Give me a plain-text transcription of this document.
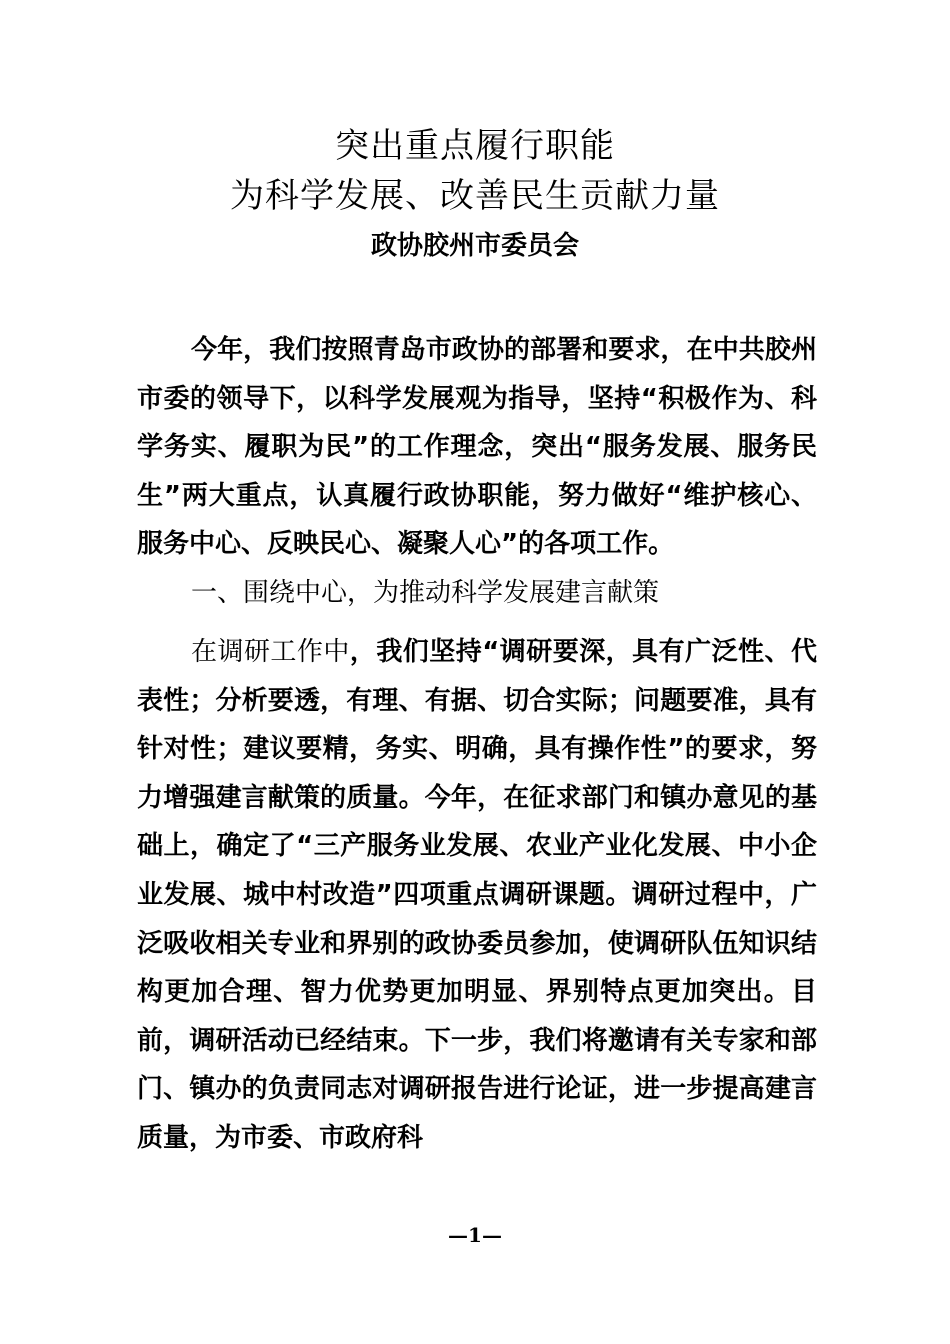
突出重点履行职能
为科学发展、改善民生贡献力量
政协胶州市委员会

今年，我们按照青岛市政协的部署和要求，在中共胶州市委的领导下，以科学发展观为指导，坚持“积极作为、科学务实、履职为民”的工作理念，突出“服务发展、服务民生”两大重点，认真履行政协职能，努力做好“维护核心、服务中心、反映民心、凝聚人心”的各项工作。

一、围绕中心，为推动科学发展建言献策

在调研工作中，我们坚持“调研要深，具有广泛性、代表性；分析要透，有理、有据、切合实际；问题要准，具有针对性；建议要精，务实、明确，具有操作性”的要求，努力增强建言献策的质量。今年，在征求部门和镇办意见的基础上，确定了“三产服务业发展、农业产业化发展、中小企业发展、城中村改造”四项重点调研课题。调研过程中，广泛吸收相关专业和界别的政协委员参加，使调研队伍知识结构更加合理、智力优势更加明显、界别特点更加突出。目前，调研活动已经结束。下一步，我们将邀请有关专家和部门、镇办的负责同志对调研报告进行论证，进一步提高建言质量，为市委、市政府科

—1—
